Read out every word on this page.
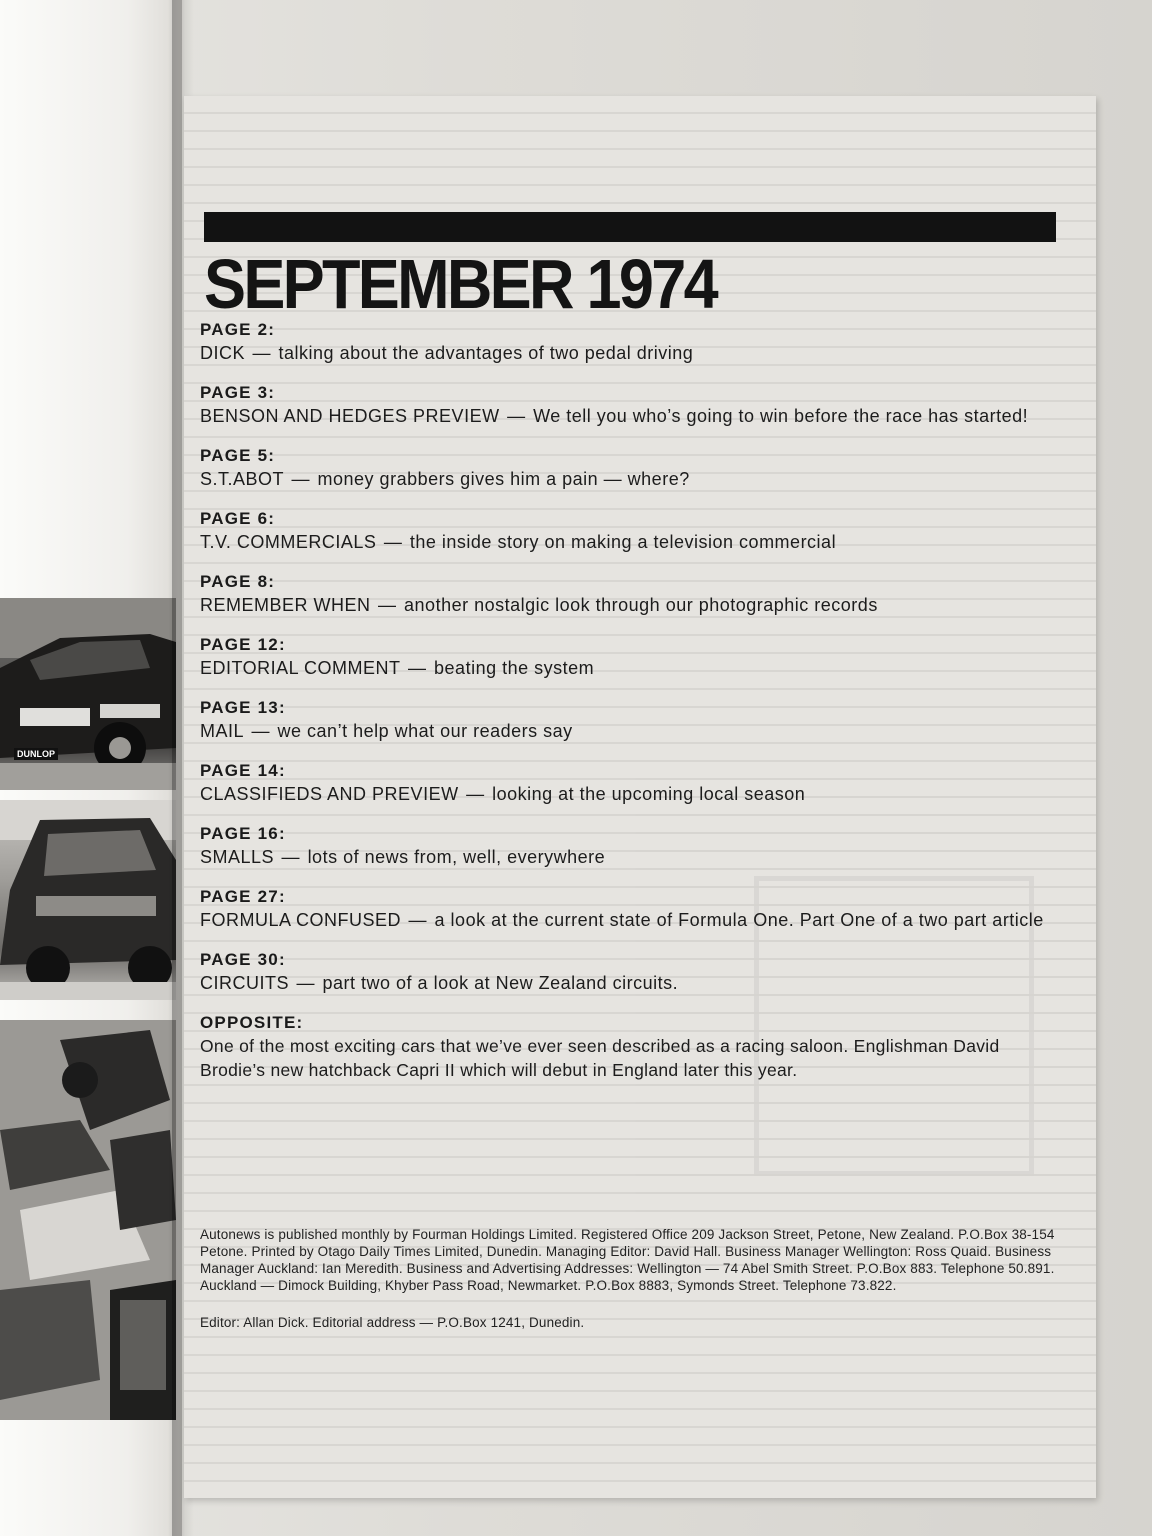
DUNLOP
SEPTEMBER 1974
PAGE 2:
DICK — talking about the advantages of two pedal driving
PAGE 3:
BENSON AND HEDGES PREVIEW — We tell you who’s going to win before the race has started!
PAGE 5:
S.T.ABOT — money grabbers gives him a pain — where?
PAGE 6:
T.V. COMMERCIALS — the inside story on making a television commercial
PAGE 8:
REMEMBER WHEN — another nostalgic look through our photographic records
PAGE 12:
EDITORIAL COMMENT — beating the system
PAGE 13:
MAIL — we can’t help what our readers say
PAGE 14:
CLASSIFIEDS AND PREVIEW — looking at the upcoming local season
PAGE 16:
SMALLS — lots of news from, well, everywhere
PAGE 27:
FORMULA CONFUSED — a look at the current state of Formula One. Part One of a two part article
PAGE 30:
CIRCUITS — part two of a look at New Zealand circuits.
OPPOSITE:
One of the most exciting cars that we’ve ever seen described as a racing saloon. Englishman David Brodie’s new hatchback Capri II which will debut in England later this year.

Autonews is published monthly by Fourman Holdings Limited. Registered Office 209 Jackson Street, Petone, New Zealand. P.O.Box 38-154 Petone. Printed by Otago Daily Times Limited, Dunedin. Managing Editor: David Hall. Business Manager Wellington: Ross Quaid. Business Manager Auckland: Ian Meredith. Business and Advertising Addresses: Wellington — 74 Abel Smith Street. P.O.Box 883. Telephone 50.891. Auckland — Dimock Building, Khyber Pass Road, Newmarket. P.O.Box 8883, Symonds Street. Telephone 73.822.

Editor: Allan Dick. Editorial address — P.O.Box 1241, Dunedin.
